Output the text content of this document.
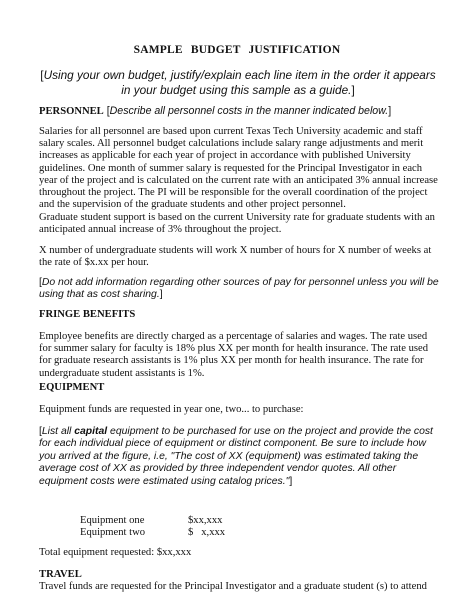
SAMPLE BUDGET JUSTIFICATION
[Using your own budget, justify/explain each line item in the order it appears in your budget using this sample as a guide.]
PERSONNEL [Describe all personnel costs in the manner indicated below.]
Salaries for all personnel are based upon current Texas Tech University academic and staff salary scales. All personnel budget calculations include salary range adjustments and merit increases as applicable for each year of project in accordance with published University guidelines. One month of summer salary is requested for the Principal Investigator in each year of the project and is calculated on the current rate with an anticipated 3% annual increase throughout the project. The PI will be responsible for the overall coordination of the project and the supervision of the graduate students and other project personnel.
Graduate student support is based on the current University rate for graduate students with an anticipated annual increase of 3% throughout the project.
X number of undergraduate students will work X number of hours for X number of weeks at the rate of $x.xx per hour.
[Do not add information regarding other sources of pay for personnel unless you will be using that as cost sharing.]
FRINGE BENEFITS
Employee benefits are directly charged as a percentage of salaries and wages. The rate used for summer salary for faculty is 18% plus XX per month for health insurance. The rate used for graduate research assistants is 1% plus XX per month for health insurance. The rate for undergraduate student assistants is 1%.
EQUIPMENT
Equipment funds are requested in year one, two... to purchase:
[List all capital equipment to be purchased for use on the project and provide the cost for each individual piece of equipment or distinct component. Be sure to include how you arrived at the figure, i.e, "The cost of XX (equipment) was estimated taking the average cost of XX as provided by three independent vendor quotes. All other equipment costs were estimated using catalog prices."]
Equipment one	$xx,xxx
Equipment two	$   x,xxx
Total equipment requested: $xx,xxx
TRAVEL
Travel funds are requested for the Principal Investigator and a graduate student (s) to attend
